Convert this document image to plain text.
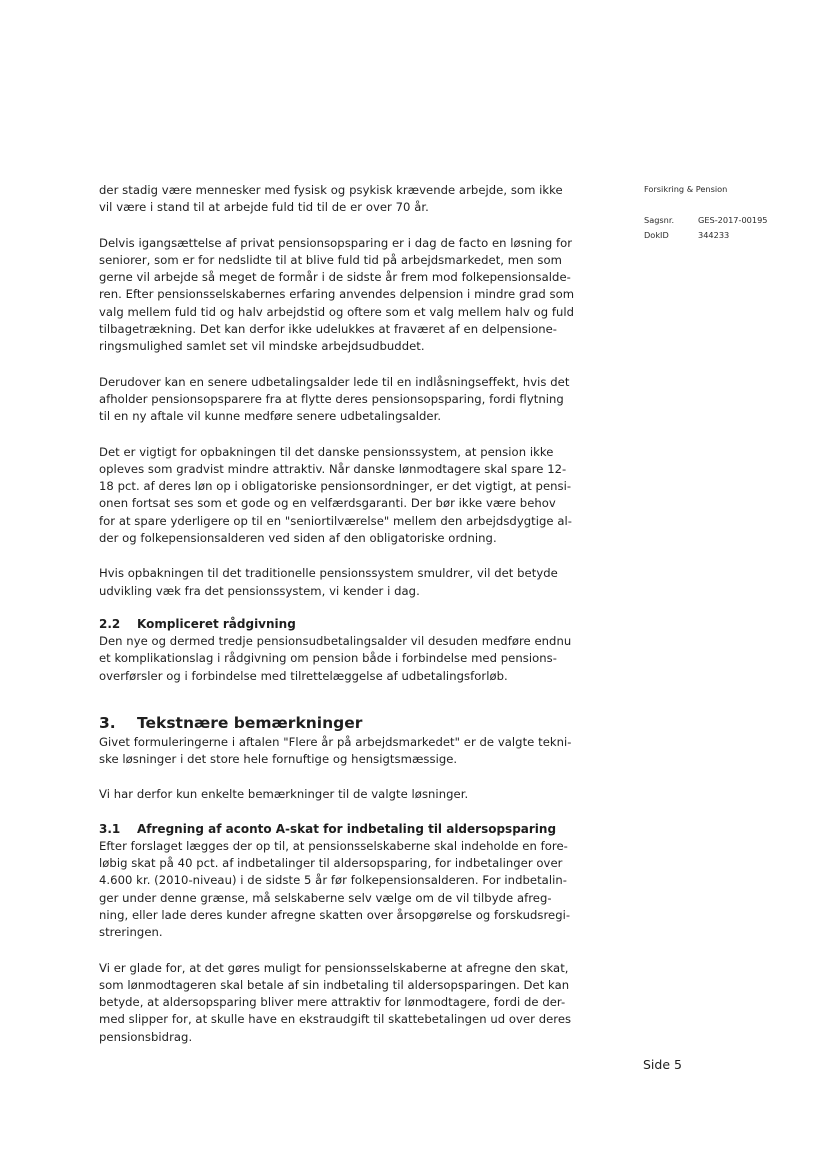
Forsikring & Pension
Sagsnr.	GES-2017-00195
DokID	344233

der stadig være mennesker med fysisk og psykisk krævende arbejde, som ikke
vil være i stand til at arbejde fuld tid til de er over 70 år.

Delvis igangsættelse af privat pensionsopsparing er i dag de facto en løsning for
seniorer, som er for nedslidte til at blive fuld tid på arbejdsmarkedet, men som
gerne vil arbejde så meget de formår i de sidste år frem mod folkepensionsalde-
ren. Efter pensionsselskabernes erfaring anvendes delpension i mindre grad som
valg mellem fuld tid og halv arbejdstid og oftere som et valg mellem halv og fuld
tilbagetrækning. Det kan derfor ikke udelukkes at fraværet af en delpensione-
ringsmulighed samlet set vil mindske arbejdsudbuddet.

Derudover kan en senere udbetalingsalder lede til en indlåsningseffekt, hvis det
afholder pensionsopsparere fra at flytte deres pensionsopsparing, fordi flytning
til en ny aftale vil kunne medføre senere udbetalingsalder.

Det er vigtigt for opbakningen til det danske pensionssystem, at pension ikke
opleves som gradvist mindre attraktiv. Når danske lønmodtagere skal spare 12-
18 pct. af deres løn op i obligatoriske pensionsordninger, er det vigtigt, at pensi-
onen fortsat ses som et gode og en velfærdsgaranti. Der bør ikke være behov
for at spare yderligere op til en "seniortilværelse" mellem den arbejdsdygtige al-
der og folkepensionsalderen ved siden af den obligatoriske ordning.

Hvis opbakningen til det traditionelle pensionssystem smuldrer, vil det betyde
udvikling væk fra det pensionssystem, vi kender i dag.

2.2 Kompliceret rådgivning

Den nye og dermed tredje pensionsudbetalingsalder vil desuden medføre endnu
et komplikationslag i rådgivning om pension både i forbindelse med pensions-
overførsler og i forbindelse med tilrettelæggelse af udbetalingsforløb.

3. Tekstnære bemærkninger

Givet formuleringerne i aftalen "Flere år på arbejdsmarkedet" er de valgte tekni-
ske løsninger i det store hele fornuftige og hensigtsmæssige.

Vi har derfor kun enkelte bemærkninger til de valgte løsninger.

3.1 Afregning af aconto A-skat for indbetaling til aldersopsparing

Efter forslaget lægges der op til, at pensionsselskaberne skal indeholde en fore-
løbig skat på 40 pct. af indbetalinger til aldersopsparing, for indbetalinger over
4.600 kr. (2010-niveau) i de sidste 5 år før folkepensionsalderen. For indbetalin-
ger under denne grænse, må selskaberne selv vælge om de vil tilbyde afreg-
ning, eller lade deres kunder afregne skatten over årsopgørelse og forskudsregi-
streringen.

Vi er glade for, at det gøres muligt for pensionsselskaberne at afregne den skat,
som lønmodtageren skal betale af sin indbetaling til aldersopsparingen. Det kan
betyde, at aldersopsparing bliver mere attraktiv for lønmodtagere, fordi de der-
med slipper for, at skulle have en ekstraudgift til skattebetalingen ud over deres
pensionsbidrag.

Side 5
